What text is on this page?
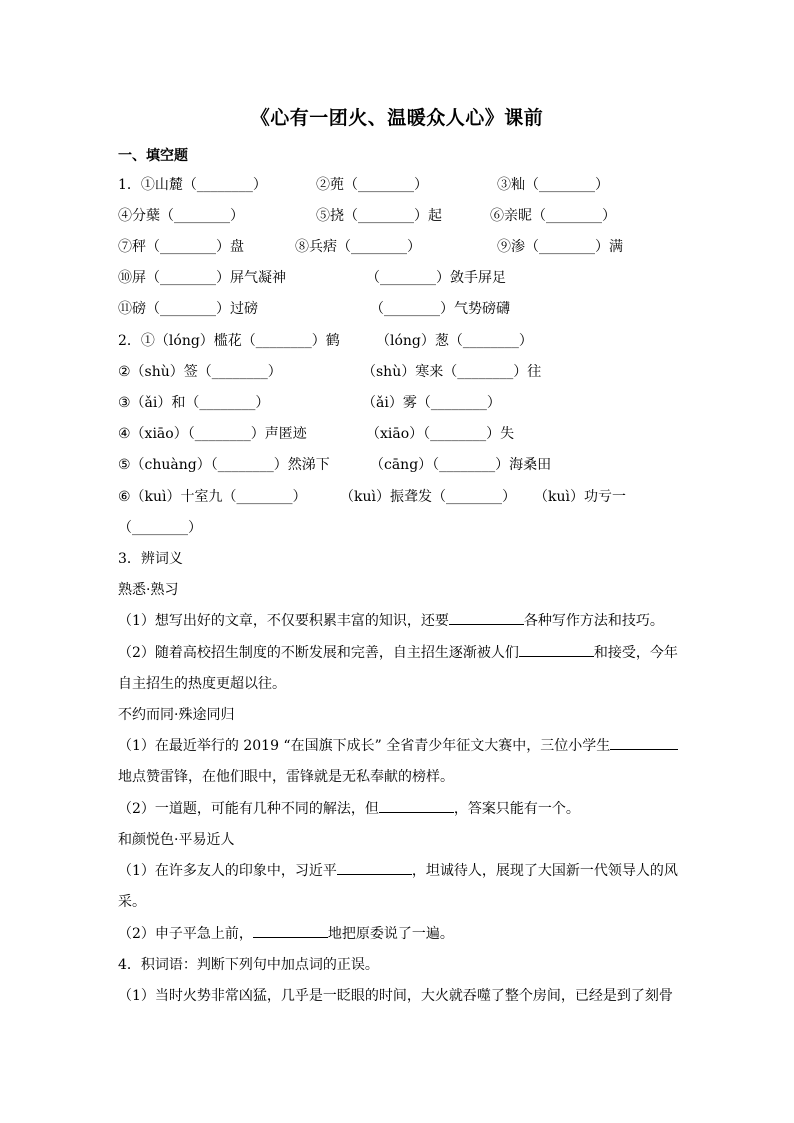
《心有一团火、温暖众人心》课前
一、填空题
1．①山麓（________）	②蔸（________）	③籼（________）
④分蘖（________）	⑤挠（________）起	⑥亲昵（________）
⑦秤（________）盘	⑧兵痞（________）	⑨渗（________）满
⑩屏（________）屏气凝神	（________）敛手屏足
⑪磅（________）过磅	（________）气势磅礴
2．①（lóng）槛花（________）鹤	（lóng）葱（________）
②（shù）签（________）	（shù）寒来（________）往
③（ǎi）和（________）	（ǎi）雾（________）
④（xiāo）（________）声匿迹	（xiāo）（________）失
⑤（chuàng）（________）然涕下	（cāng）（________）海桑田
⑥（kuì）十室九（________） （kuì）振聋发（________） （kuì）功亏一
（________）
3．辨词义
熟悉·熟习
（1）想写出好的文章，不仅要积累丰富的知识，还要	各种写作方法和技巧。
（2）随着高校招生制度的不断发展和完善，自主招生逐渐被人们	和接受，今年
自主招生的热度更超以往。
不约而同·殊途同归
（1）在最近举行的 2019 “在国旗下成长” 全省青少年征文大赛中，三位小学生
地点赞雷锋，在他们眼中，雷锋就是无私奉献的榜样。
（2）一道题，可能有几种不同的解法，但	，答案只能有一个。
和颜悦色·平易近人
（1）在许多友人的印象中，习近平	，坦诚待人，展现了大国新一代领导人的风
采。
（2）申子平急上前，	地把原委说了一遍。
4．积词语：判断下列句中加点词的正误。
（1）当时火势非常凶猛，几乎是一眨眼的时间，大火就吞噬了整个房间，已经是到了刻骨
